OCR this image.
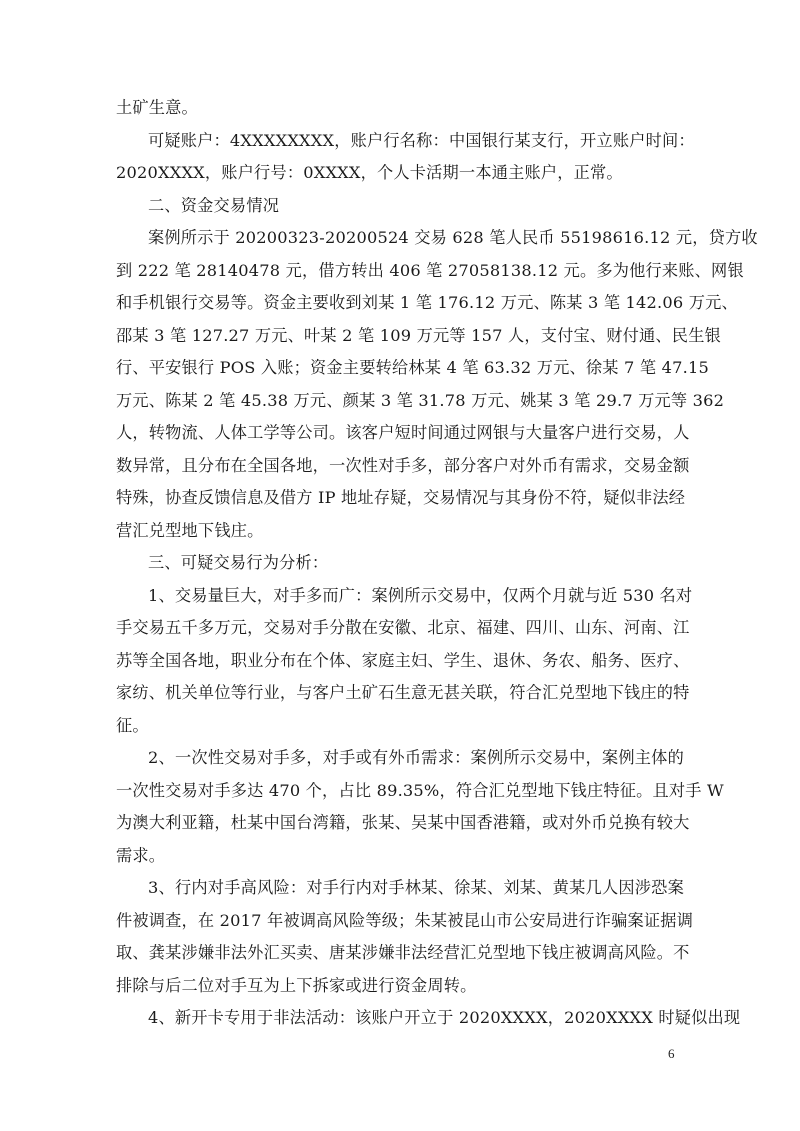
土矿生意。
可疑账户：4XXXXXXXX，账户行名称：中国银行某支行，开立账户时间：
2020XXXX，账户行号：0XXXX，个人卡活期一本通主账户，正常。
二、资金交易情况
案例所示于 20200323-20200524 交易 628 笔人民币 55198616.12 元，贷方收
到 222 笔 28140478 元，借方转出 406 笔 27058138.12 元。多为他行来账、网银
和手机银行交易等。资金主要收到刘某 1 笔 176.12 万元、陈某 3 笔 142.06 万元、
邵某 3 笔 127.27 万元、叶某 2 笔 109 万元等 157 人，支付宝、财付通、民生银
行、平安银行 POS 入账；资金主要转给林某 4 笔 63.32 万元、徐某 7 笔 47.15
万元、陈某 2 笔 45.38 万元、颜某 3 笔 31.78 万元、姚某 3 笔 29.7 万元等 362
人，转物流、人体工学等公司。该客户短时间通过网银与大量客户进行交易，人
数异常，且分布在全国各地，一次性对手多，部分客户对外币有需求，交易金额
特殊，协查反馈信息及借方 IP 地址存疑，交易情况与其身份不符，疑似非法经
营汇兑型地下钱庄。
三、可疑交易行为分析：
1、交易量巨大，对手多而广：案例所示交易中，仅两个月就与近 530 名对
手交易五千多万元，交易对手分散在安徽、北京、福建、四川、山东、河南、江
苏等全国各地，职业分布在个体、家庭主妇、学生、退休、务农、船务、医疗、
家纺、机关单位等行业，与客户土矿石生意无甚关联，符合汇兑型地下钱庄的特
征。
2、一次性交易对手多，对手或有外币需求：案例所示交易中，案例主体的
一次性交易对手多达 470 个，占比 89.35%，符合汇兑型地下钱庄特征。且对手 W
为澳大利亚籍，杜某中国台湾籍，张某、吴某中国香港籍，或对外币兑换有较大
需求。
3、行内对手高风险：对手行内对手林某、徐某、刘某、黄某几人因涉恐案
件被调查，在 2017 年被调高风险等级；朱某被昆山市公安局进行诈骗案证据调
取、龚某涉嫌非法外汇买卖、唐某涉嫌非法经营汇兑型地下钱庄被调高风险。不
排除与后二位对手互为上下拆家或进行资金周转。
4、新开卡专用于非法活动：该账户开立于 2020XXXX，2020XXXX 时疑似出现
6
